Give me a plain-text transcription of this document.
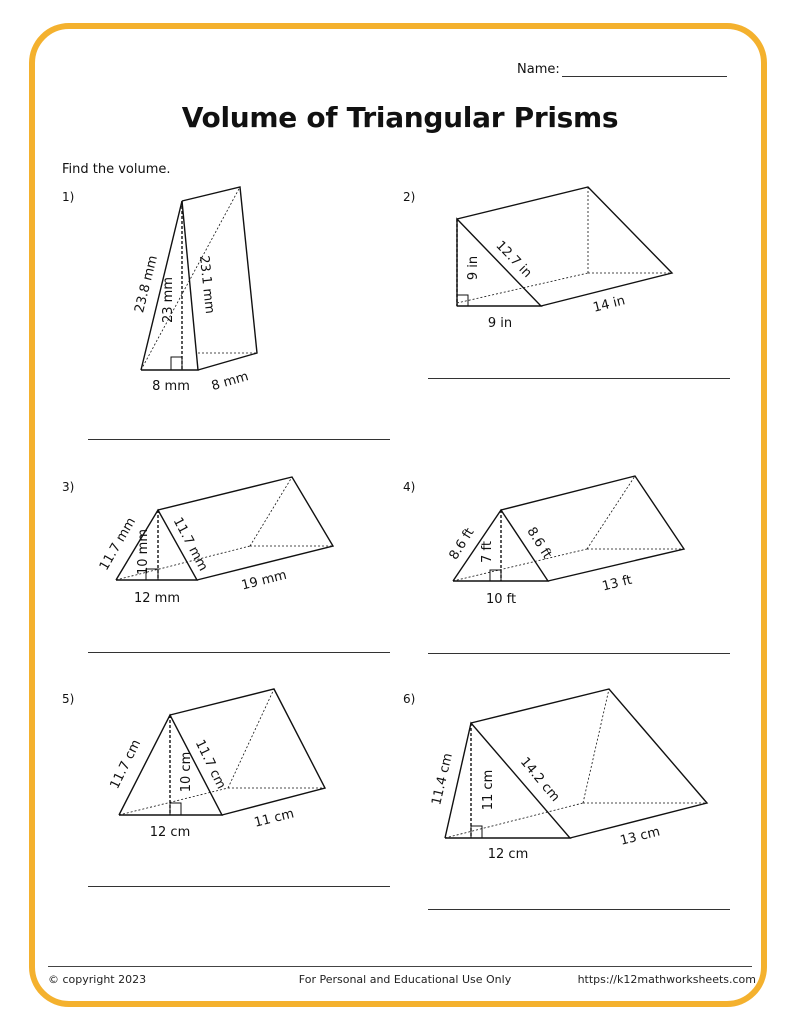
Name:
Volume of Triangular Prisms
Find the volume.
1)	2)
3)	4)
5)	6)
23.8 mm 23 mm 23.1 mm
8 mm 8 mm
9 in 12.7 in
9 in
14 in
11.7 mm
10 mm 11.7 mm
12 mm
19 mm
8.6 ft 7 ft 8.6 ft
10 ft
13 ft
11.7 cm	10 cm
11.7 cm
12 cm
11 cm
11.4 cm 11 cm 14.2 cm
12 cm
13 cm
© copyright 2023	For Personal and Educational Use Only	https://k12mathworksheets.com
